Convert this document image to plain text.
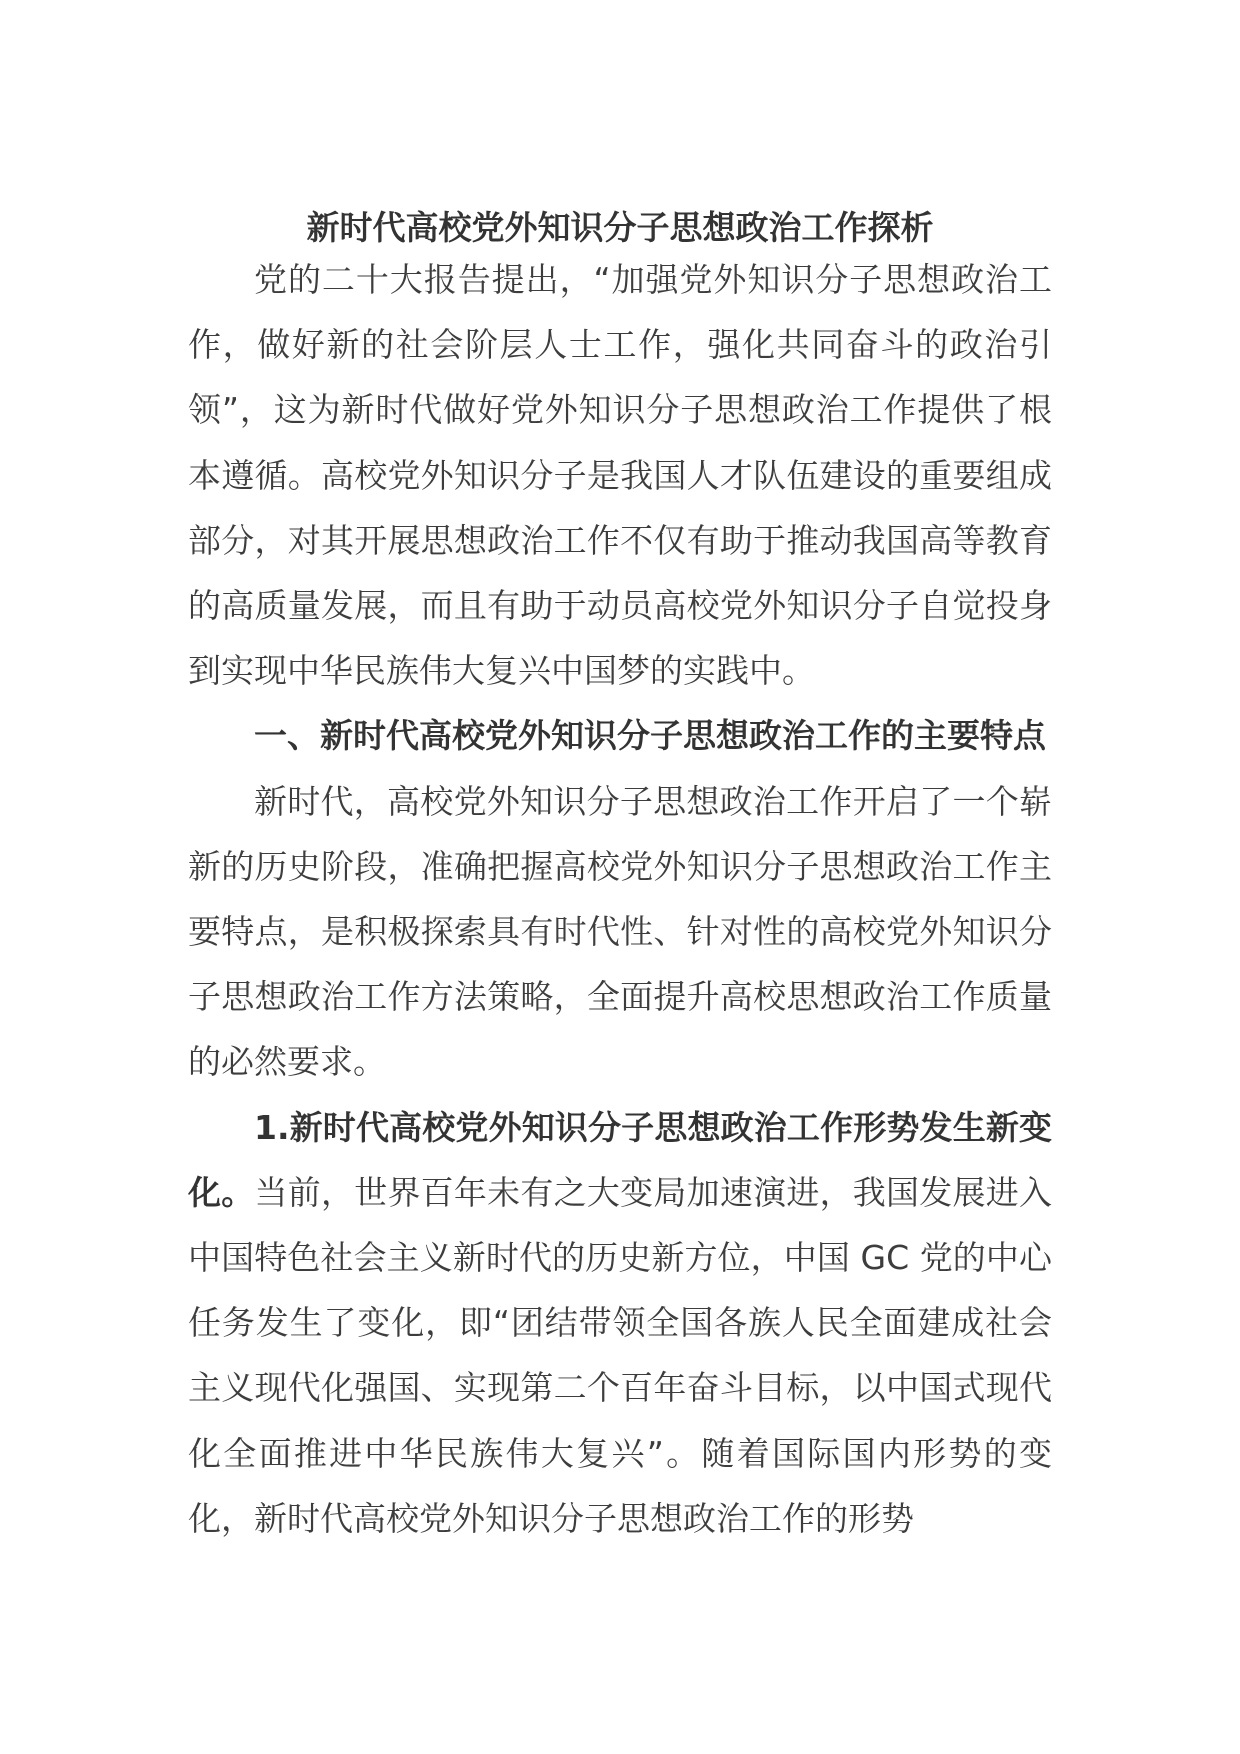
新时代高校党外知识分子思想政治工作探析

党的二十大报告提出，“加强党外知识分子思想政治工作，做好新的社会阶层人士工作，强化共同奋斗的政治引领”，这为新时代做好党外知识分子思想政治工作提供了根本遵循。高校党外知识分子是我国人才队伍建设的重要组成部分，对其开展思想政治工作不仅有助于推动我国高等教育的高质量发展，而且有助于动员高校党外知识分子自觉投身到实现中华民族伟大复兴中国梦的实践中。

一、新时代高校党外知识分子思想政治工作的主要特点

新时代，高校党外知识分子思想政治工作开启了一个崭新的历史阶段，准确把握高校党外知识分子思想政治工作主要特点，是积极探索具有时代性、针对性的高校党外知识分子思想政治工作方法策略，全面提升高校思想政治工作质量的必然要求。

1.新时代高校党外知识分子思想政治工作形势发生新变化。当前，世界百年未有之大变局加速演进，我国发展进入中国特色社会主义新时代的历史新方位，中国 GC 党的中心任务发生了变化，即“团结带领全国各族人民全面建成社会主义现代化强国、实现第二个百年奋斗目标，以中国式现代化全面推进中华民族伟大复兴”。随着国际国内形势的变化，新时代高校党外知识分子思想政治工作的形势
